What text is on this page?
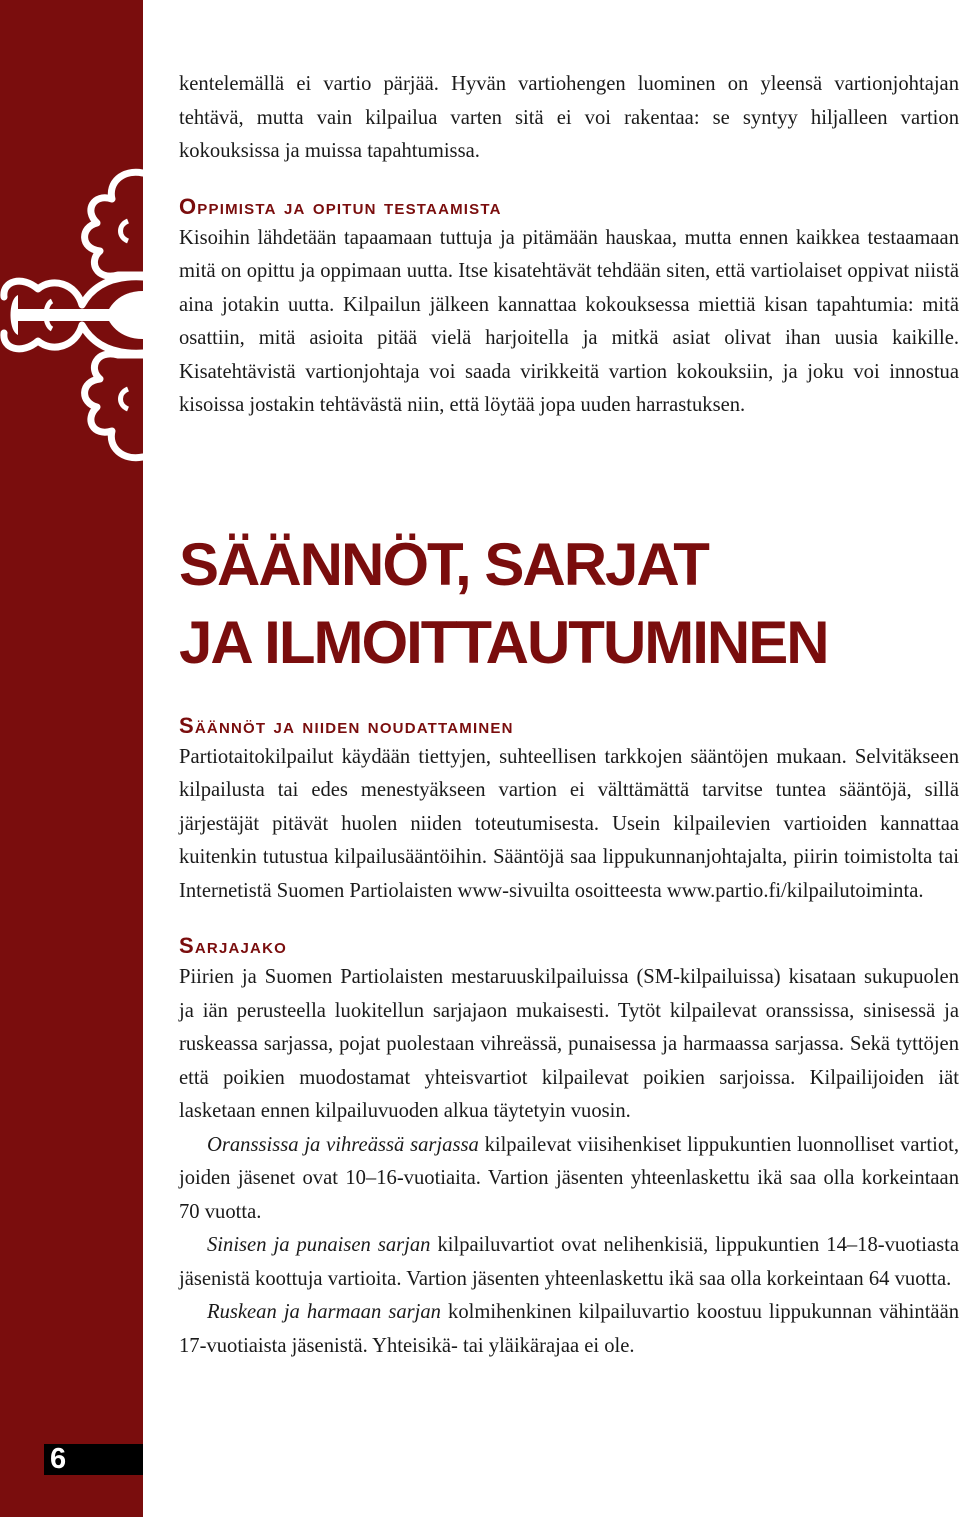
6

kentelemällä ei vartio pärjää. Hyvän vartiohengen luominen on yleensä vartionjohtajan tehtävä, mutta vain kilpailua varten sitä ei voi rakentaa: se syntyy hiljalleen vartion kokouksissa ja muissa tapahtumissa.

Oppimista ja opitun testaamista

Kisoihin lähdetään tapaamaan tuttuja ja pitämään hauskaa, mutta ennen kaikkea testaamaan mitä on opittu ja oppimaan uutta. Itse kisatehtävät tehdään siten, että vartiolaiset oppivat niistä aina jotakin uutta. Kilpailun jälkeen kannattaa kokouksessa miettiä kisan tapahtumia: mitä osattiin, mitä asioita pitää vielä harjoitella ja mitkä asiat olivat ihan uusia kaikille. Kisatehtävistä vartionjohtaja voi saada virikkeitä vartion kokouksiin, ja joku voi innostua kisoissa jostakin tehtävästä niin, että löytää jopa uuden harrastuksen.

SÄÄNNÖT, SARJAT
JA ILMOITTAUTUMINEN
Säännöt ja niiden noudattaminen

Partiotaitokilpailut käydään tiettyjen, suhteellisen tarkkojen sääntöjen mukaan. Selvitäkseen kilpailusta tai edes menestyäkseen vartion ei välttämättä tarvitse tuntea sääntöjä, sillä järjestäjät pitävät huolen niiden toteutumisesta. Usein kilpailevien vartioiden kannattaa kuitenkin tutustua kilpailusääntöihin. Sääntöjä saa lippukunnanjohtajalta, piirin toimistolta tai Internetistä Suomen Partiolaisten www-sivuilta osoitteesta www.partio.fi/kilpailutoiminta.

Sarjajako

Piirien ja Suomen Partiolaisten mestaruuskilpailuissa (SM-kilpailuissa) kisataan sukupuolen ja iän perusteella luokitellun sarjajaon mukaisesti. Tytöt kilpailevat oranssissa, sinisessä ja ruskeassa sarjassa, pojat puolestaan vihreässä, punaisessa ja harmaassa sarjassa. Sekä tyttöjen että poikien muodostamat yhteisvartiot kilpailevat poikien sarjoissa. Kilpailijoiden iät lasketaan ennen kilpailuvuoden alkua täytetyin vuosin.

Oranssissa ja vihreässä sarjassa kilpailevat viisihenkiset lippukuntien luonnolliset vartiot, joiden jäsenet ovat 10–16-vuotiaita. Vartion jäsenten yhteenlaskettu ikä saa olla korkeintaan 70 vuotta.

Sinisen ja punaisen sarjan kilpailuvartiot ovat nelihenkisiä, lippukuntien 14–18-vuotiasta jäsenistä koottuja vartioita. Vartion jäsenten yhteenlaskettu ikä saa olla korkeintaan 64 vuotta.

Ruskean ja harmaan sarjan kolmihenkinen kilpailuvartio koostuu lippukunnan vähintään 17-vuotiaista jäsenistä. Yhteisikä- tai yläikärajaa ei ole.
